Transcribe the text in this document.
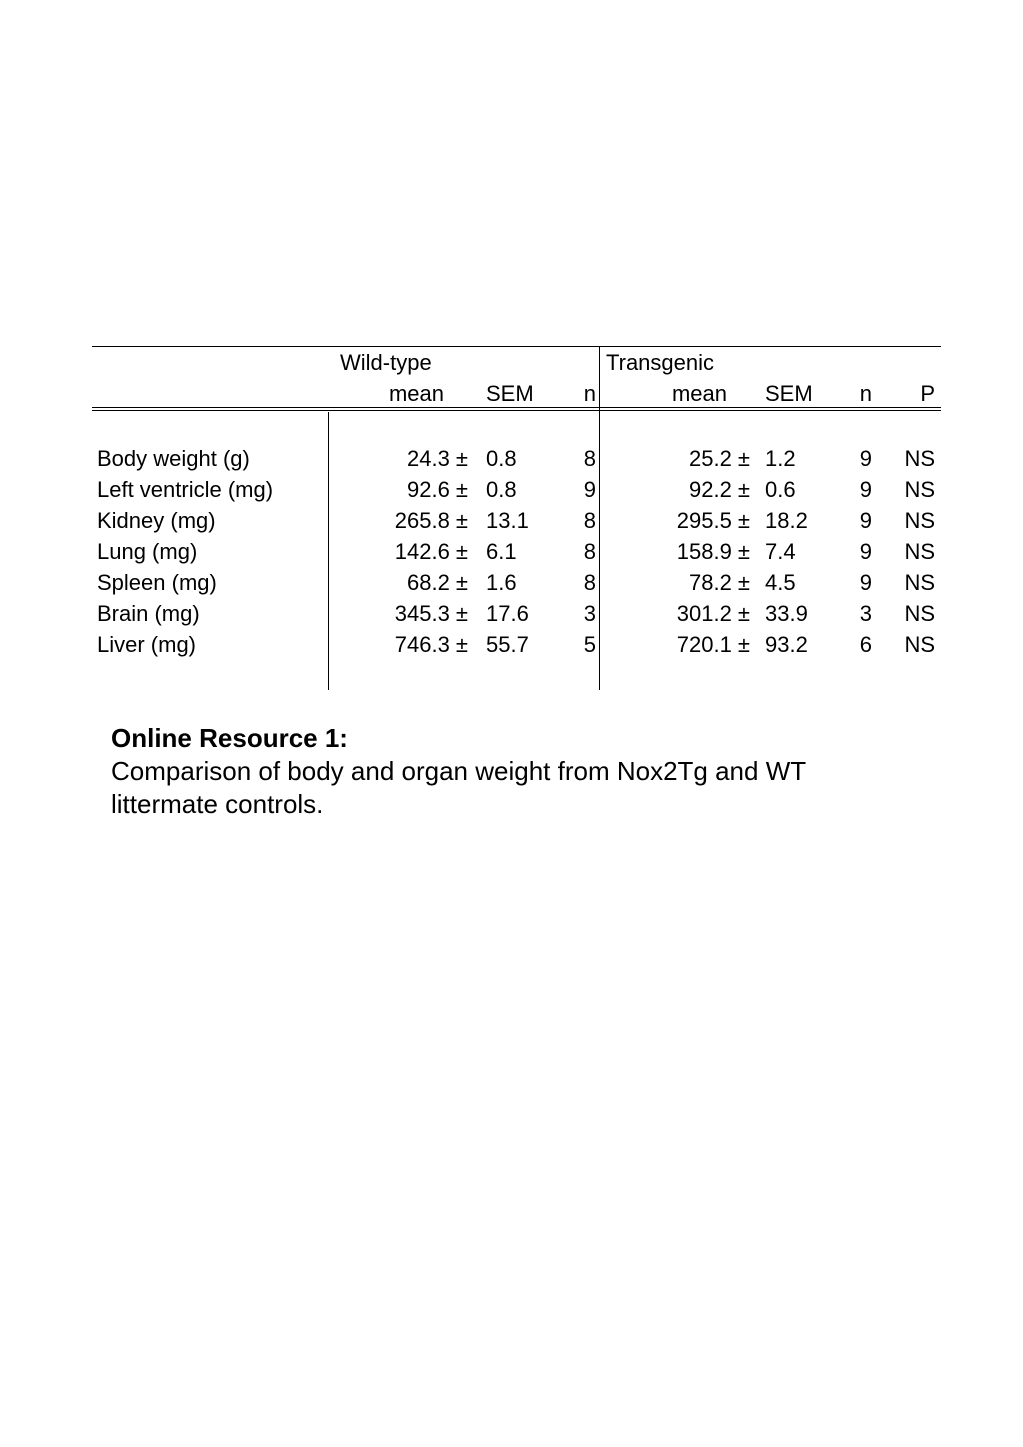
Wild-type	Transgenic
mean SEM	n	mean SEM	n	P
Body weight (g)	24.3 ± 0.8	8	25.2 ± 1.2	9	NS
Left ventricle (mg)	92.6 ± 0.8	9	92.2 ± 0.6	9	NS
Kidney (mg)	265.8 ± 13.1	8	295.5 ± 18.2	9	NS
Lung (mg)	142.6 ± 6.1	8	158.9 ± 7.4	9	NS
Spleen (mg)	68.2 ± 1.6	8	78.2 ± 4.5	9	NS
Brain (mg)	345.3 ± 17.6	3	301.2 ± 33.9	3	NS
Liver (mg)	746.3 ± 55.7	5	720.1 ± 93.2	6	NS
Online Resource 1:
Comparison of body and organ weight from Nox2Tg and WT littermate controls.
